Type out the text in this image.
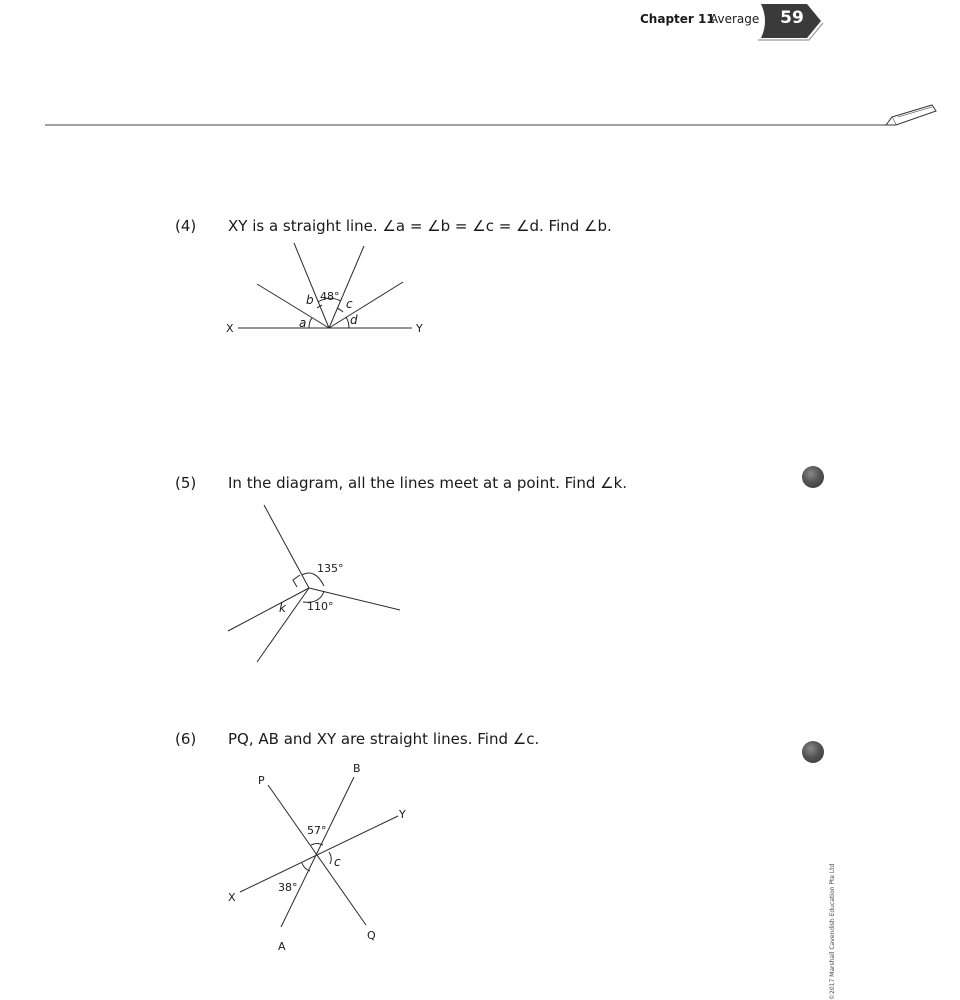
Chapter 11
Average	59
(4) XY is a straight line. ∠a = ∠b = ∠c = ∠d. Find ∠b.
X	Y
a
b	c
d
48°
(5) In the diagram, all the lines meet at a point. Find ∠k.
135°
110°
k
(6) PQ, AB and XY are straight lines. Find ∠c.
P
B
Y
X
A
Q
57°
38°
c
©2017 Marshall Cavendish Education Pte Ltd
